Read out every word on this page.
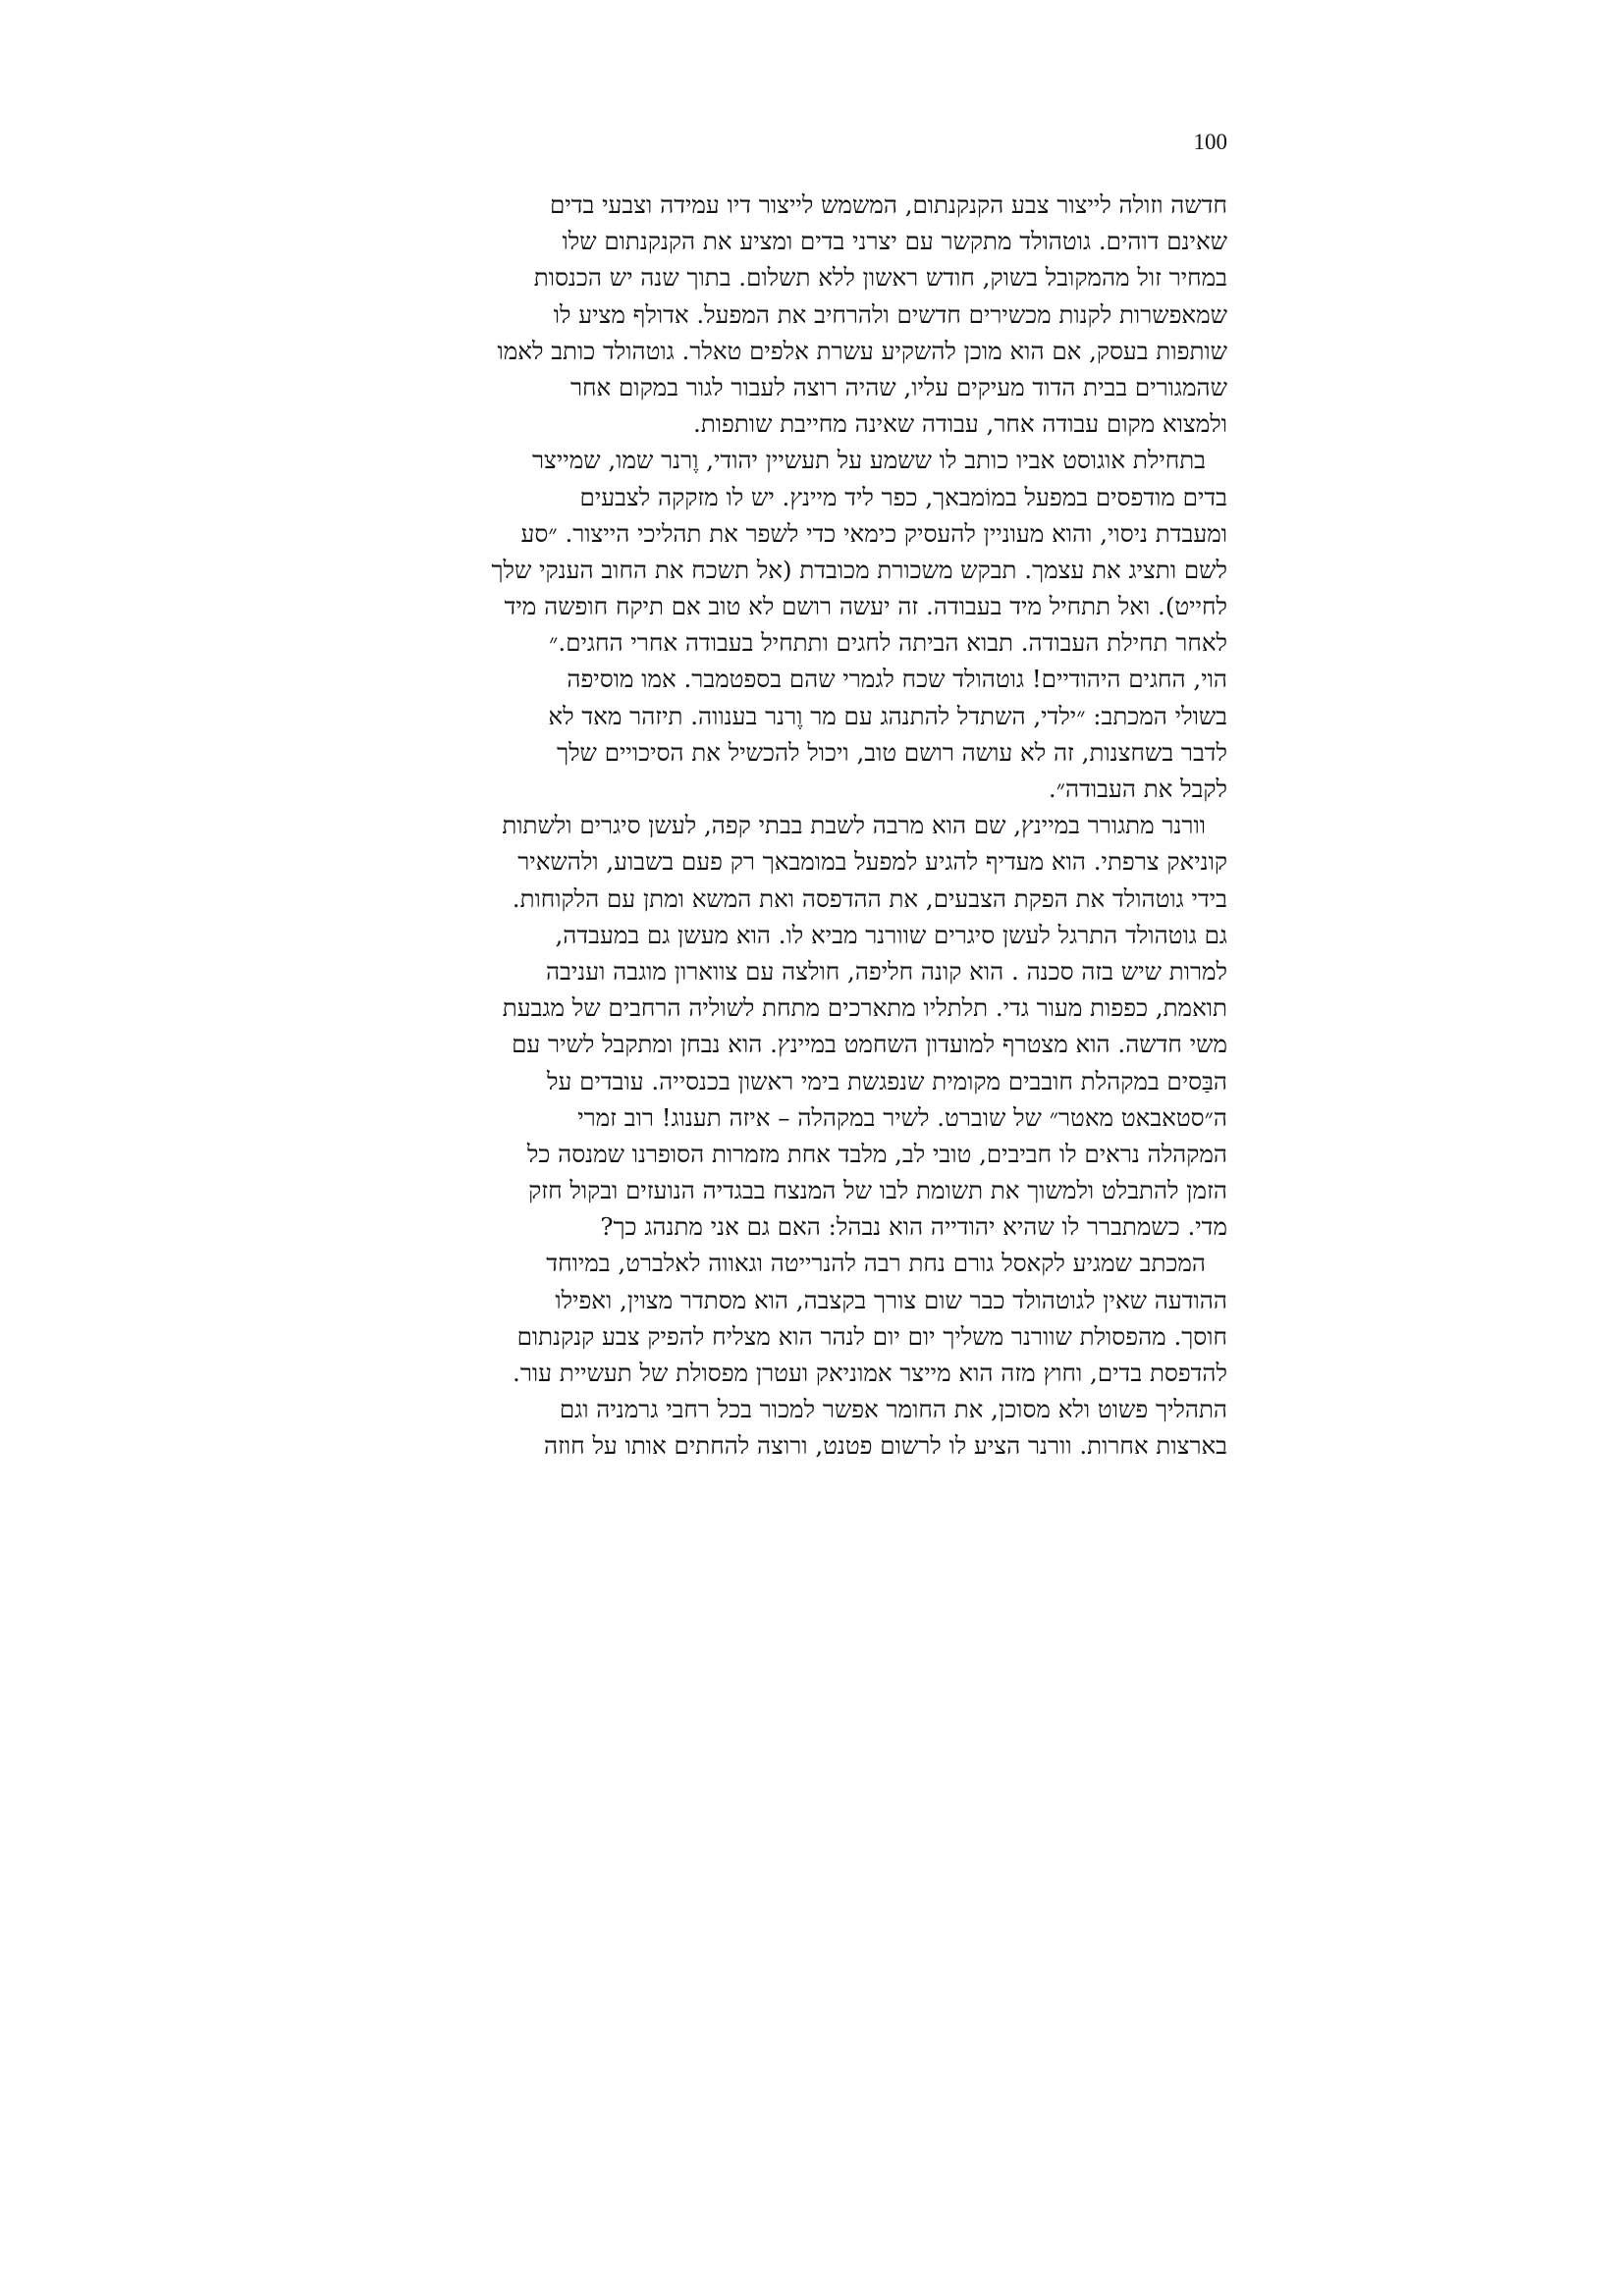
100
חדשה וזולה לייצור צבע הקנקנתום, המשמש לייצור דיו עמידה וצבעי בדים
שאינם דוהים. גוטהולד מתקשר עם יצרני בדים ומציע את הקנקנתום שלו
במחיר זול מהמקובל בשוק, חודש ראשון ללא תשלום. בתוך שנה יש הכנסות
שמאפשרות לקנות מכשירים חדשים ולהרחיב את המפעל. אדולף מציע לו
שותפות בעסק, אם הוא מוכן להשקיע עשרת אלפים טאלר. גוטהולד כותב לאמו
שהמגורים בבית הדוד מעיקים עליו, שהיה רוצה לעבור לגור במקום אחר
ולמצוא מקום עבודה אחר, עבודה שאינה מחייבת שותפות.
בתחילת אוגוסט אביו כותב לו ששמע על תעשיין יהודי, וֶרנר שמו, שמייצר
בדים מודפסים במפעל במוֹמבאך, כפר ליד מיינץ. יש לו מזקקה לצבעים
ומעבדת ניסוי, והוא מעוניין להעסיק כימאי כדי לשפר את תהליכי הייצור. ״סע
לשם ותציג את עצמך. תבקש משכורת מכובדת (אל תשכח את החוב הענקי שלך
לחייט). ואל תתחיל מיד בעבודה. זה יעשה רושם לא טוב אם תיקח חופשה מיד
לאחר תחילת העבודה. תבוא הביתה לחגים ותתחיל בעבודה אחרי החגים.״
הוי, החגים היהודיים! גוטהולד שכח לגמרי שהם בספטמבר. אמו מוסיפה
בשולי המכתב: ״ילדי, השתדל להתנהג עם מר וֶרנר בענווה. תיזהר מאד לא
לדבר בשחצנות, זה לא עושה רושם טוב, ויכול להכשיל את הסיכויים שלך
לקבל את העבודה״.
וורנר מתגורר במיינץ, שם הוא מרבה לשבת בבתי קפה, לעשן סיגרים ולשתות
קוניאק צרפתי. הוא מעדיף להגיע למפעל במומבאך רק פעם בשבוע, ולהשאיר
בידי גוטהולד את הפקת הצבעים, את ההדפסה ואת המשא ומתן עם הלקוחות.
גם גוטהולד התרגל לעשן סיגרים שוורנר מביא לו. הוא מעשן גם במעבדה,
למרות שיש בזה סכנה . הוא קונה חליפה, חולצה עם צווארון מוגבה ועניבה
תואמת, כפפות מעור גדי. תלתליו מתארכים מתחת לשוליה הרחבים של מגבעת
משי חדשה. הוא מצטרף למועדון השחמט במיינץ. הוא נבחן ומתקבל לשיר עם
הבַּסים במקהלת חובבים מקומית שנפגשת בימי ראשון בכנסייה. עובדים על
ה״סטאבאט מאטר״ של שוברט. לשיר במקהלה – איזה תענוג! רוב זמרי
המקהלה נראים לו חביבים, טובי לב, מלבד אחת מזמרות הסופרנו שמנסה כל
הזמן להתבלט ולמשוך את תשומת לבו של המנצח בבגדיה הנועזים ובקול חזק
מדי. כשמתברר לו שהיא יהודייה הוא נבהל: האם גם אני מתנהג כך?
המכתב שמגיע לקאסל גורם נחת רבה להנרייטה וגאווה לאלברט, במיוחד
ההודעה שאין לגוטהולד כבר שום צורך בקצבה, הוא מסתדר מצוין, ואפילו
חוסך. מהפסולת שוורנר משליך יום יום לנהר הוא מצליח להפיק צבע קנקנתום
להדפסת בדים, וחוץ מזה הוא מייצר אמוניאק ועטרן מפסולת של תעשיית עור.
התהליך פשוט ולא מסוכן, את החומר אפשר למכור בכל רחבי גרמניה וגם
בארצות אחרות. וורנר הציע לו לרשום פטנט, ורוצה להחתים אותו על חוזה
